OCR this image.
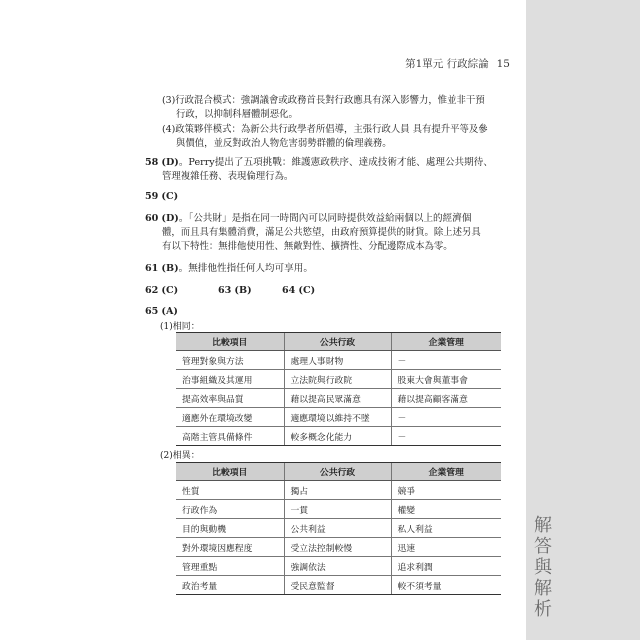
解
答
與
解
析
第1單元 行政綜論 15
(3)行政混合模式：強調議會或政務首長對行政應具有深入影響力，惟並非干預
行政，以抑制科層體制惡化。
(4)政策夥伴模式：為新公共行政學者所倡導，主張行政人員 具有提升平等及參
與價值，並反對政治人物危害弱勢群體的倫理義務。
58 (D)。Perry提出了五項挑戰：維護憲政秩序、達成技術才能、處理公共期待、
管理複雜任務、表現倫理行為。
59 (C)
60 (D)。「公共財」是指在同一時間內可以同時提供效益給兩個以上的經濟個
體，而且具有集體消費，滿足公共慾望，由政府預算提供的財貨。除上述另具
有以下特性：無排他使用性、無敵對性、擴擠性、分配邊際成本為零。
61 (B)。無排他性指任何人均可享用。
62 (C)	63 (B)	64 (C)
65 (A)
(1)相同：
比較項目	公共行政	企業管理
管理對象與方法	處理人事財物	－
治事組織及其運用	立法院與行政院	股東大會與董事會
提高效率與品質	藉以提高民眾滿意	藉以提高顧客滿意
適應外在環境改變	適應環境以維持不墜	－
高階主管具備條件	較多概念化能力	－
(2)相異：
比較項目	公共行政	企業管理
性質	獨占	競爭
行政作為	一貫	權變
目的與動機	公共利益	私人利益
對外環境因應程度	受立法控制較慢	迅速
管理重點	強調依法	追求利潤
政治考量	受民意監督	較不須考量
